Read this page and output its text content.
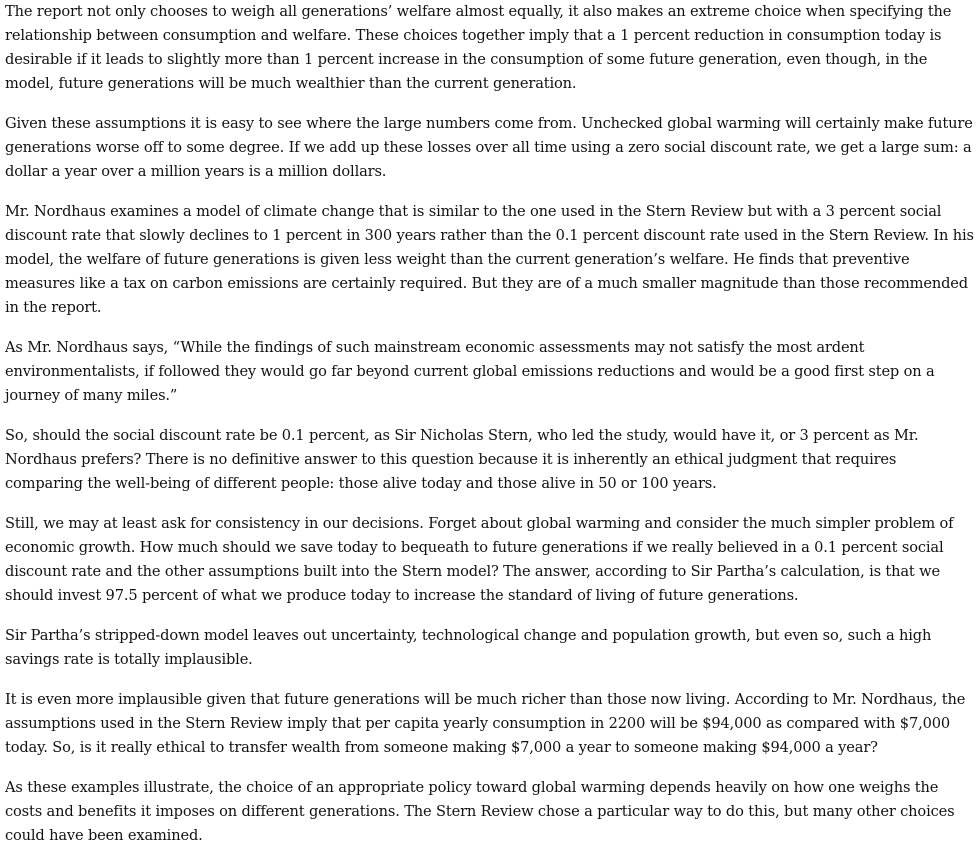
The report not only chooses to weigh all generations’ welfare almost equally, it also makes an extreme choice when specifying the relationship between consumption and welfare. These choices together imply that a 1 percent reduction in consumption today is desirable if it leads to slightly more than 1 percent increase in the consumption of some future generation, even though, in the model, future generations will be much wealthier than the current generation.

Given these assumptions it is easy to see where the large numbers come from. Unchecked global warming will certainly make future generations worse off to some degree. If we add up these losses over all time using a zero social discount rate, we get a large sum: a dollar a year over a million years is a million dollars.

Mr. Nordhaus examines a model of climate change that is similar to the one used in the Stern Review but with a 3 percent social discount rate that slowly declines to 1 percent in 300 years rather than the 0.1 percent discount rate used in the Stern Review. In his model, the welfare of future generations is given less weight than the current generation’s welfare. He finds that preventive measures like a tax on carbon emissions are certainly required. But they are of a much smaller magnitude than those recommended in the report.

As Mr. Nordhaus says, “While the findings of such mainstream economic assessments may not satisfy the most ardent environmentalists, if followed they would go far beyond current global emissions reductions and would be a good first step on a journey of many miles.”

So, should the social discount rate be 0.1 percent, as Sir Nicholas Stern, who led the study, would have it, or 3 percent as Mr. Nordhaus prefers? There is no definitive answer to this question because it is inherently an ethical judgment that requires comparing the well-being of different people: those alive today and those alive in 50 or 100 years.

Still, we may at least ask for consistency in our decisions. Forget about global warming and consider the much simpler problem of economic growth. How much should we save today to bequeath to future generations if we really believed in a 0.1 percent social discount rate and the other assumptions built into the Stern model? The answer, according to Sir Partha’s calculation, is that we should invest 97.5 percent of what we produce today to increase the standard of living of future generations.

Sir Partha’s stripped-down model leaves out uncertainty, technological change and population growth, but even so, such a high savings rate is totally implausible.

It is even more implausible given that future generations will be much richer than those now living. According to Mr. Nordhaus, the assumptions used in the Stern Review imply that per capita yearly consumption in 2200 will be $94,000 as compared with $7,000 today. So, is it really ethical to transfer wealth from someone making $7,000 a year to someone making $94,000 a year?

As these examples illustrate, the choice of an appropriate policy toward global warming depends heavily on how one weighs the costs and benefits it imposes on different generations. The Stern Review chose a particular way to do this, but many other choices could have been examined.
